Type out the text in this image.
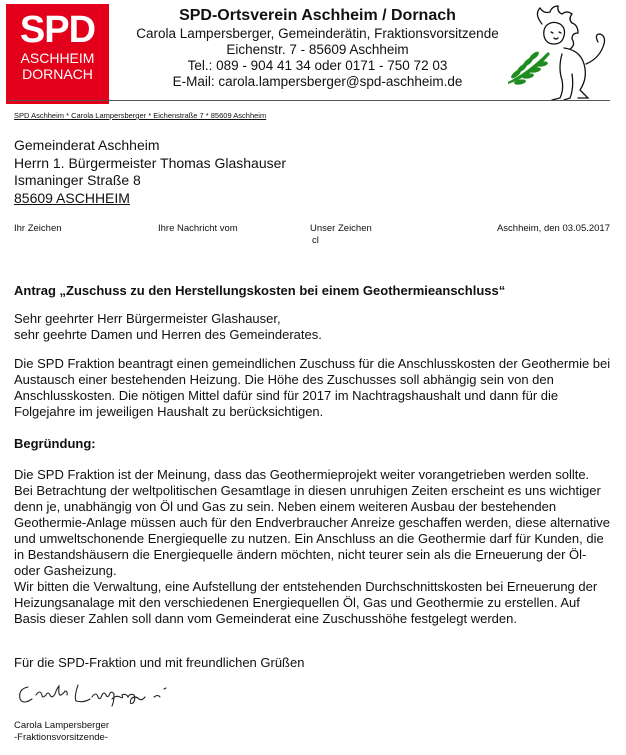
SPD
ASCHHEIM
DORNACH
SPD-Ortsverein Aschheim / Dornach
Carola Lampersberger, Gemeinderätin, Fraktionsvorsitzende
Eichenstr. 7 - 85609 Aschheim
Tel.: 089 - 904 41 34 oder 0171 - 750 72 03
E-Mail: carola.lampersberger@spd-aschheim.de
SPD Aschheim * Carola Lampersberger * Eichenstraße 7 * 85609 Aschheim
Gemeinderat Aschheim
Herrn 1. Bürgermeister Thomas Glashauser
Ismaninger Straße 8
85609 ASCHHEIM
Ihr Zeichen	Ihre Nachricht vom	Unser Zeichen
cl
Aschheim, den 03.05.2017
Antrag „Zuschuss zu den Herstellungskosten bei einem Geothermieanschluss“
Sehr geehrter Herr Bürgermeister Glashauser,
sehr geehrte Damen und Herren des Gemeinderates.
Die SPD Fraktion beantragt einen gemeindlichen Zuschuss für die Anschlusskosten der Geothermie bei Austausch einer bestehenden Heizung. Die Höhe des Zuschusses soll abhängig sein von den Anschlusskosten. Die nötigen Mittel dafür sind für 2017 im Nachtragshaushalt und dann für die Folgejahre im jeweiligen Haushalt zu berücksichtigen.
Begründung:
Die SPD Fraktion ist der Meinung, dass das Geothermieprojekt weiter vorangetrieben werden sollte. Bei Betrachtung der weltpolitischen Gesamtlage in diesen unruhigen Zeiten erscheint es uns wichtiger denn je, unabhängig von Öl und Gas zu sein. Neben einem weiteren Ausbau der bestehenden Geothermie-Anlage müssen auch für den Endverbraucher Anreize geschaffen werden, diese alternative und umweltschonende Energiequelle zu nutzen. Ein Anschluss an die Geothermie darf für Kunden, die in Bestandshäusern die Energiequelle ändern möchten, nicht teurer sein als die Erneuerung der Öl- oder Gasheizung.
Wir bitten die Verwaltung, eine Aufstellung der entstehenden Durchschnittskosten bei Erneuerung der Heizungsanalage mit den verschiedenen Energiequellen Öl, Gas und Geothermie zu erstellen. Auf Basis dieser Zahlen soll dann vom Gemeinderat eine Zuschusshöhe festgelegt werden.
Für die SPD-Fraktion und mit freundlichen Grüßen
Carola Lampersberger
-Fraktionsvorsitzende-
